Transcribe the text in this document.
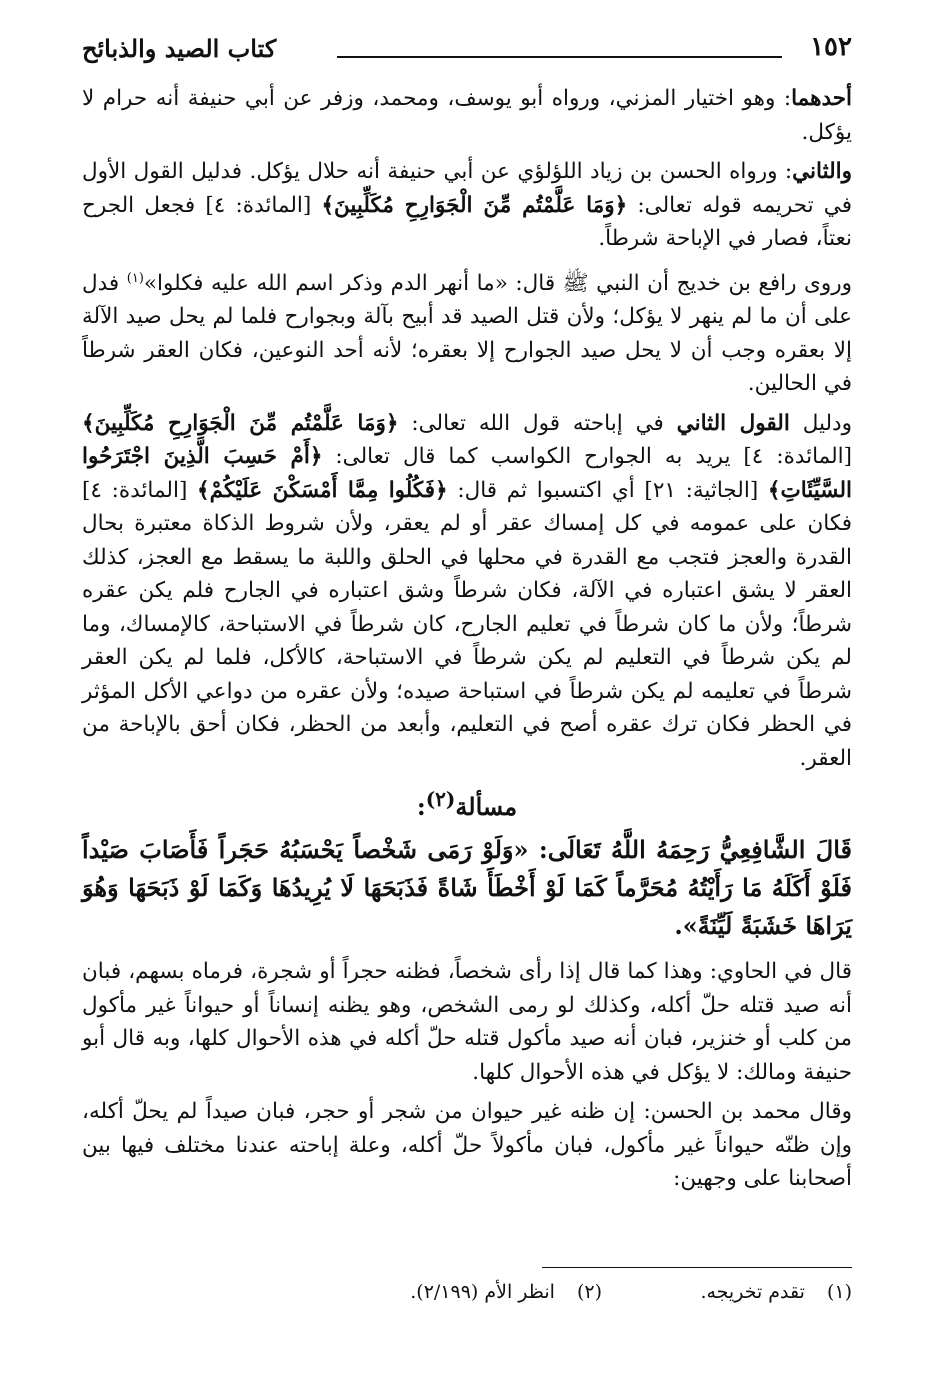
١٥٢
كتاب الصيد والذبائح

أحدهما: وهو اختيار المزني، ورواه أبو يوسف، ومحمد، وزفر عن أبي حنيفة أنه حرام لا يؤكل.

والثاني: ورواه الحسن بن زياد اللؤلؤي عن أبي حنيفة أنه حلال يؤكل. فدليل القول الأول في تحريمه قوله تعالى: ﴿وَمَا عَلَّمْتُم مِّنَ الْجَوَارِحِ مُكَلِّبِينَ﴾ [المائدة: ٤] فجعل الجرح نعتاً، فصار في الإباحة شرطاً.

وروى رافع بن خديج أن النبي ﷺ قال: «ما أنهر الدم وذكر اسم الله عليه فكلوا»$^{(١)}$ فدل على أن ما لم ينهر لا يؤكل؛ ولأن قتل الصيد قد أبيح بآلة وبجوارح فلما لم يحل صيد الآلة إلا بعقره وجب أن لا يحل صيد الجوارح إلا بعقره؛ لأنه أحد النوعين، فكان العقر شرطاً في الحالين.

ودليل القول الثاني في إباحته قول الله تعالى: ﴿وَمَا عَلَّمْتُم مِّنَ الْجَوَارِحِ مُكَلِّبِينَ﴾ [المائدة: ٤] يريد به الجوارح الكواسب كما قال تعالى: ﴿أَمْ حَسِبَ الَّذِينَ اجْتَرَحُوا السَّيِّئَاتِ﴾ [الجاثية: ٢١] أي اكتسبوا ثم قال: ﴿فَكُلُوا مِمَّا أَمْسَكْنَ عَلَيْكُمْ﴾ [المائدة: ٤] فكان على عمومه في كل إمساك عقر أو لم يعقر، ولأن شروط الذكاة معتبرة بحال القدرة والعجز فتجب مع القدرة في محلها في الحلق واللبة ما يسقط مع العجز، كذلك العقر لا يشق اعتباره في الآلة، فكان شرطاً وشق اعتباره في الجارح فلم يكن عقره شرطاً؛ ولأن ما كان شرطاً في تعليم الجارح، كان شرطاً في الاستباحة، كالإمساك، وما لم يكن شرطاً في التعليم لم يكن شرطاً في الاستباحة، كالأكل، فلما لم يكن العقر شرطاً في تعليمه لم يكن شرطاً في استباحة صيده؛ ولأن عقره من دواعي الأكل المؤثر في الحظر فكان ترك عقره أصح في التعليم، وأبعد من الحظر، فكان أحق بالإباحة من العقر.

مسألة$^{(٢)}$:

قَالَ الشَّافِعِيُّ رَحِمَهُ اللَّهُ تَعَالَى: «وَلَوْ رَمَى شَخْصاً يَحْسَبُهُ حَجَراً فَأَصَابَ صَيْداً فَلَوْ أَكَلَهُ مَا رَأَيْتُهُ مُحَرَّماً كَمَا لَوْ أَخْطَأَ شَاةً فَذَبَحَهَا لَا يُرِيدُهَا وَكَمَا لَوْ ذَبَحَهَا وَهُوَ يَرَاهَا خَشَبَةً لَيِّنَةً».

قال في الحاوي: وهذا كما قال إذا رأى شخصاً، فظنه حجراً أو شجرة، فرماه بسهم، فبان أنه صيد قتله حلّ أكله، وكذلك لو رمى الشخص، وهو يظنه إنساناً أو حيواناً غير مأكول من كلب أو خنزير، فبان أنه صيد مأكول قتله حلّ أكله في هذه الأحوال كلها، وبه قال أبو حنيفة ومالك: لا يؤكل في هذه الأحوال كلها.

وقال محمد بن الحسن: إن ظنه غير حيوان من شجر أو حجر، فبان صيداً لم يحلّ أكله، وإن ظنّه حيواناً غير مأكول، فبان مأكولاً حلّ أكله، وعلة إباحته عندنا مختلف فيها بين أصحابنا على وجهين:

(١)
تقدم تخريجه.
(٢)
انظر الأم (٢/١٩٩).
